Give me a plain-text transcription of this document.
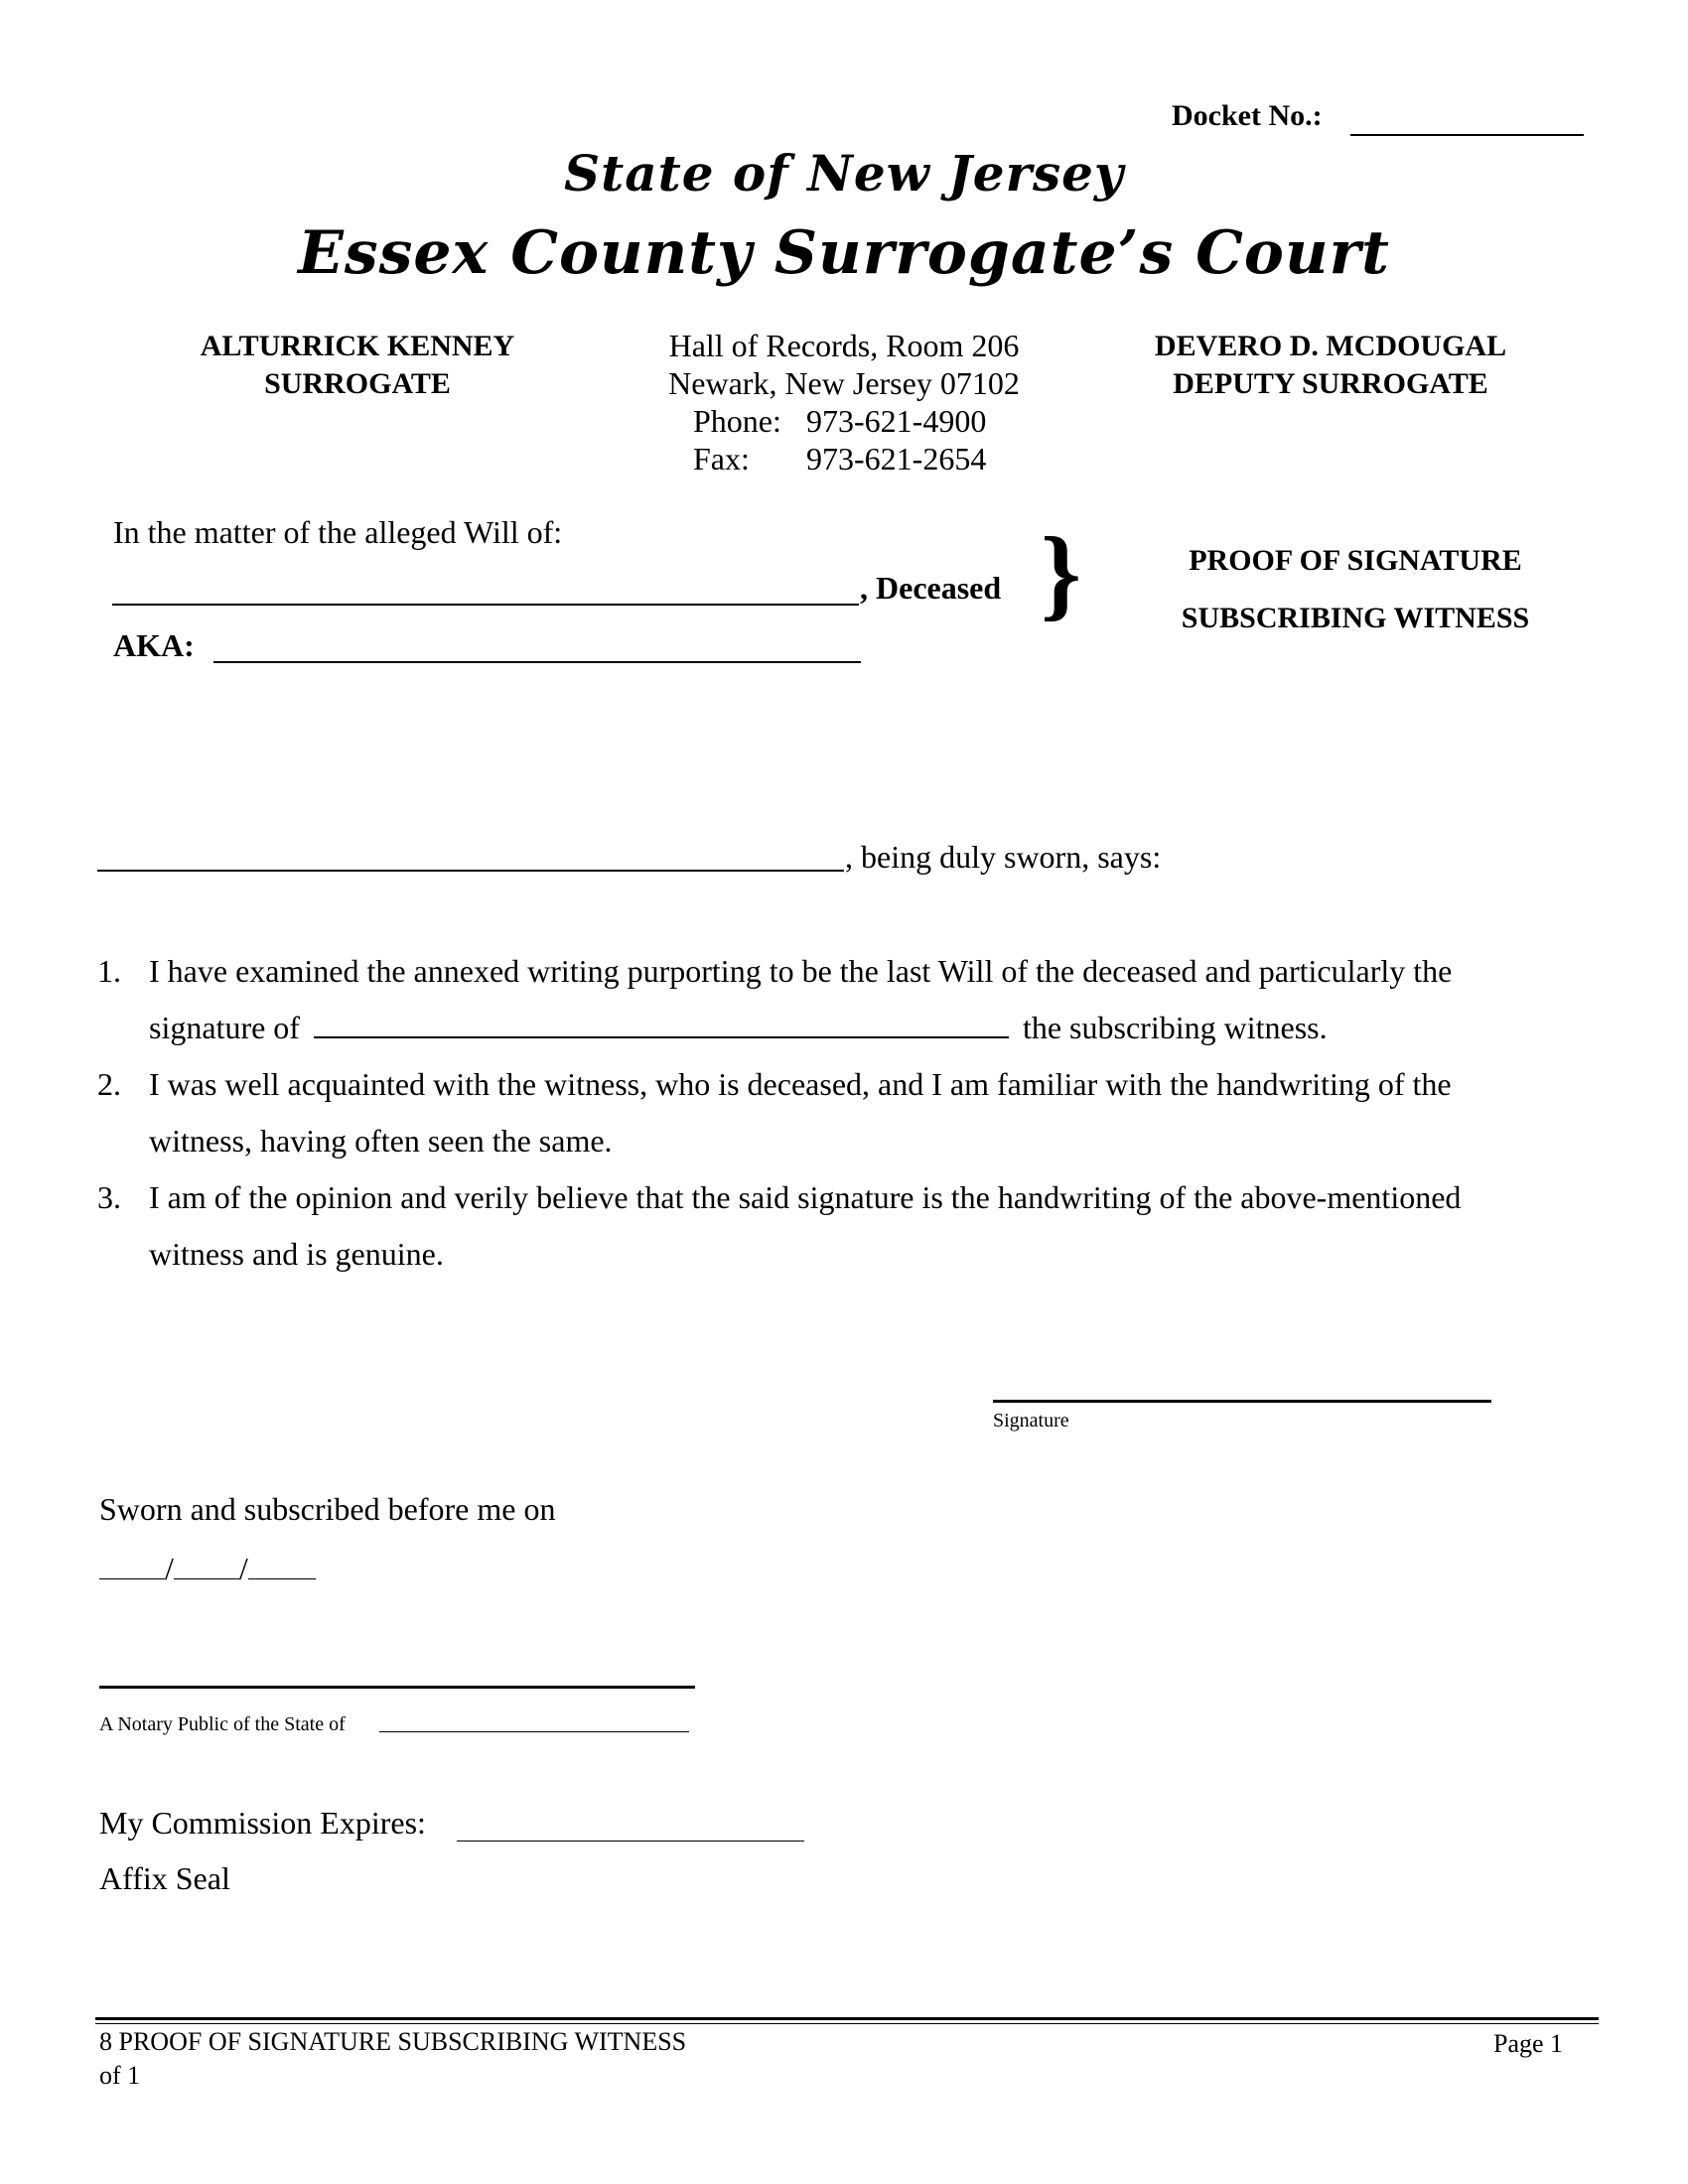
Docket No.:
State of New Jersey
Essex County Surrogate’s Court
ALTURRICK KENNEY
SURROGATE
Hall of Records, Room 206
Newark, New Jersey 07102
Phone: 973-621-4900
Fax: 973-621-2654
DEVERO D. MCDOUGAL
DEPUTY SURROGATE
In the matter of the alleged Will of:
, Deceased
AKA:
}	PROOF OF SIGNATURE
SUBSCRIBING WITNESS
, being duly sworn, says:
1. I have examined the annexed writing purporting to be the last Will of the deceased and particularly the
signature of	the subscribing witness.
2. I was well acquainted with the witness, who is deceased, and I am familiar with the handwriting of the
witness, having often seen the same.
3. I am of the opinion and verily believe that the said signature is the handwriting of the above-mentioned
witness and is genuine.
Signature
Sworn and subscribed before me on
/ /
A Notary Public of the State of
My Commission Expires:
Affix Seal
8 PROOF OF SIGNATURE SUBSCRIBING WITNESS
of 1
Page 1
